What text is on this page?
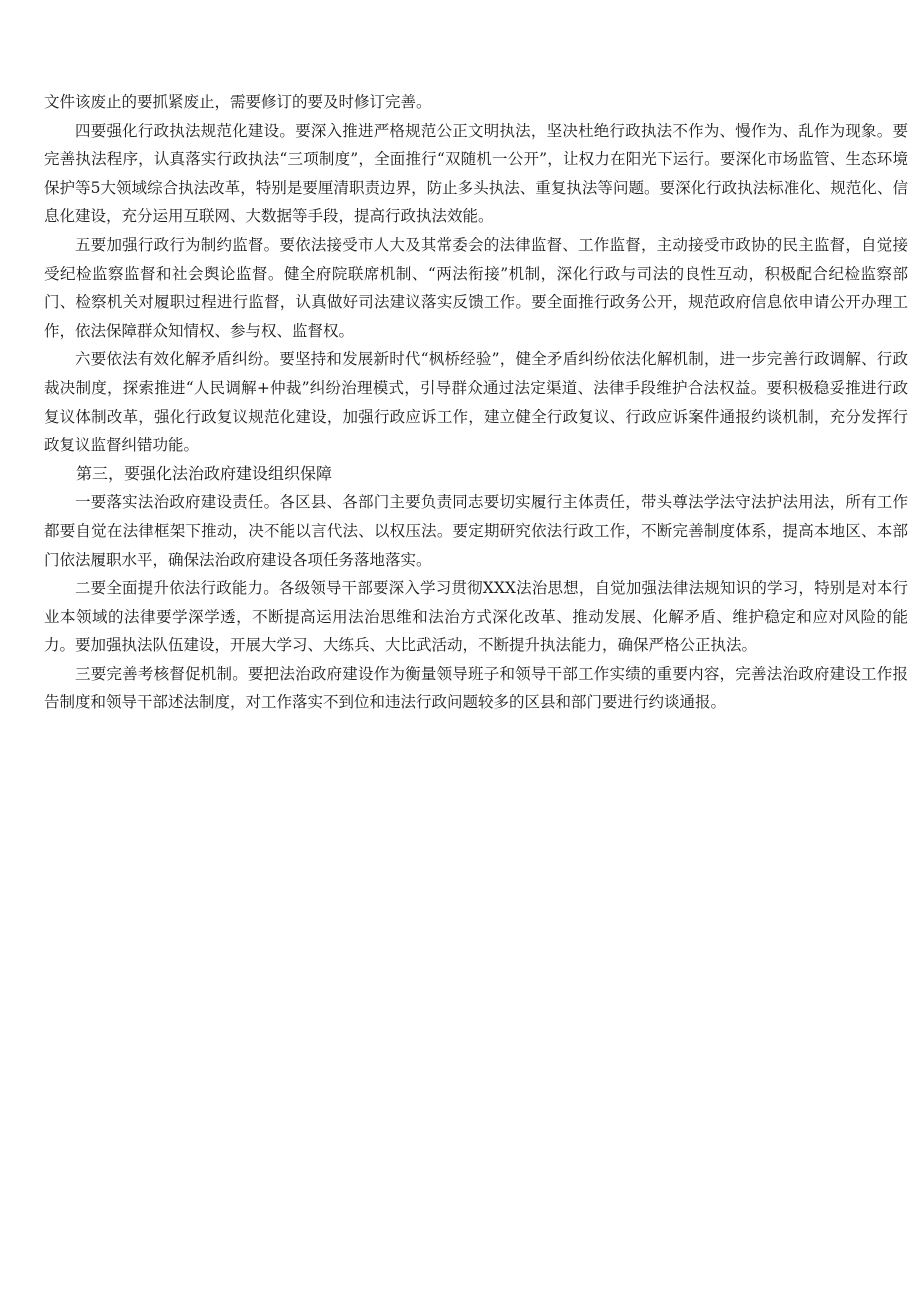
文件该废止的要抓紧废止，需要修订的要及时修订完善。

四要强化行政执法规范化建设。要深入推进严格规范公正文明执法，坚决杜绝行政执法不作为、慢作为、乱作为现象。要完善执法程序，认真落实行政执法“三项制度”，全面推行“双随机一公开”，让权力在阳光下运行。要深化市场监管、生态环境保护等5大领域综合执法改革，特别是要厘清职责边界，防止多头执法、重复执法等问题。要深化行政执法标准化、规范化、信息化建设，充分运用互联网、大数据等手段，提高行政执法效能。

五要加强行政行为制约监督。要依法接受市人大及其常委会的法律监督、工作监督，主动接受市政协的民主监督，自觉接受纪检监察监督和社会舆论监督。健全府院联席机制、“两法衔接”机制，深化行政与司法的良性互动，积极配合纪检监察部门、检察机关对履职过程进行监督，认真做好司法建议落实反馈工作。要全面推行政务公开，规范政府信息依申请公开办理工作，依法保障群众知情权、参与权、监督权。

六要依法有效化解矛盾纠纷。要坚持和发展新时代“枫桥经验”，健全矛盾纠纷依法化解机制，进一步完善行政调解、行政裁决制度，探索推进“人民调解+仲裁”纠纷治理模式，引导群众通过法定渠道、法律手段维护合法权益。要积极稳妥推进行政复议体制改革，强化行政复议规范化建设，加强行政应诉工作，建立健全行政复议、行政应诉案件通报约谈机制，充分发挥行政复议监督纠错功能。

第三，要强化法治政府建设组织保障

一要落实法治政府建设责任。各区县、各部门主要负责同志要切实履行主体责任，带头尊法学法守法护法用法，所有工作都要自觉在法律框架下推动，决不能以言代法、以权压法。要定期研究依法行政工作，不断完善制度体系，提高本地区、本部门依法履职水平，确保法治政府建设各项任务落地落实。

二要全面提升依法行政能力。各级领导干部要深入学习贯彻XXX法治思想，自觉加强法律法规知识的学习，特别是对本行业本领域的法律要学深学透，不断提高运用法治思维和法治方式深化改革、推动发展、化解矛盾、维护稳定和应对风险的能力。要加强执法队伍建设，开展大学习、大练兵、大比武活动，不断提升执法能力，确保严格公正执法。

三要完善考核督促机制。要把法治政府建设作为衡量领导班子和领导干部工作实绩的重要内容，完善法治政府建设工作报告制度和领导干部述法制度，对工作落实不到位和违法行政问题较多的区县和部门要进行约谈通报。
